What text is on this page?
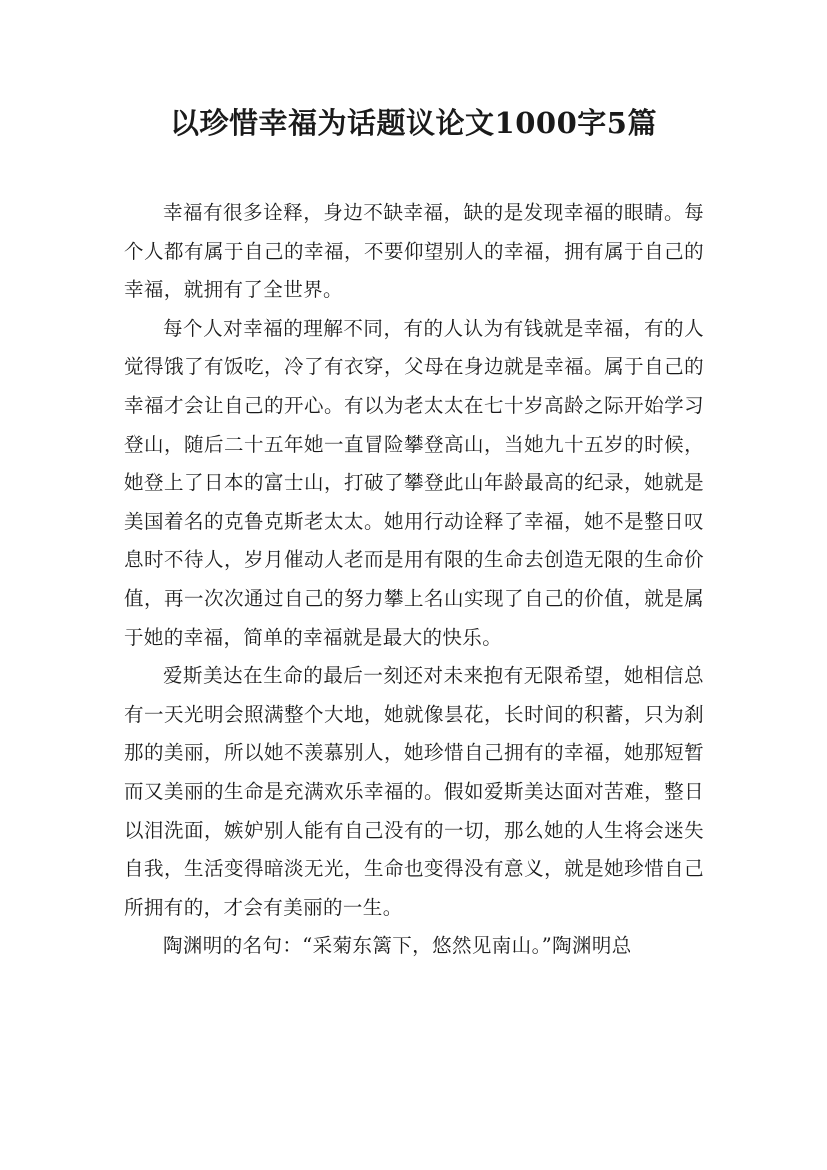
以珍惜幸福为话题议论文1000字5篇

幸福有很多诠释，身边不缺幸福，缺的是发现幸福的眼睛。每个人都有属于自己的幸福，不要仰望别人的幸福，拥有属于自己的幸福，就拥有了全世界。

每个人对幸福的理解不同，有的人认为有钱就是幸福，有的人觉得饿了有饭吃，冷了有衣穿，父母在身边就是幸福。属于自己的幸福才会让自己的开心。有以为老太太在七十岁高龄之际开始学习登山，随后二十五年她一直冒险攀登高山，当她九十五岁的时候，她登上了日本的富士山，打破了攀登此山年龄最高的纪录，她就是美国着名的克鲁克斯老太太。她用行动诠释了幸福，她不是整日叹息时不待人，岁月催动人老而是用有限的生命去创造无限的生命价值，再一次次通过自己的努力攀上名山实现了自己的价值，就是属于她的幸福，简单的幸福就是最大的快乐。

爱斯美达在生命的最后一刻还对未来抱有无限希望，她相信总有一天光明会照满整个大地，她就像昙花，长时间的积蓄，只为刹那的美丽，所以她不羡慕别人，她珍惜自己拥有的幸福，她那短暂而又美丽的生命是充满欢乐幸福的。假如爱斯美达面对苦难，整日以泪洗面，嫉妒别人能有自己没有的一切，那么她的人生将会迷失自我，生活变得暗淡无光，生命也变得没有意义，就是她珍惜自己所拥有的，才会有美丽的一生。

陶渊明的名句：“采菊东篱下，悠然见南山。”陶渊明总
